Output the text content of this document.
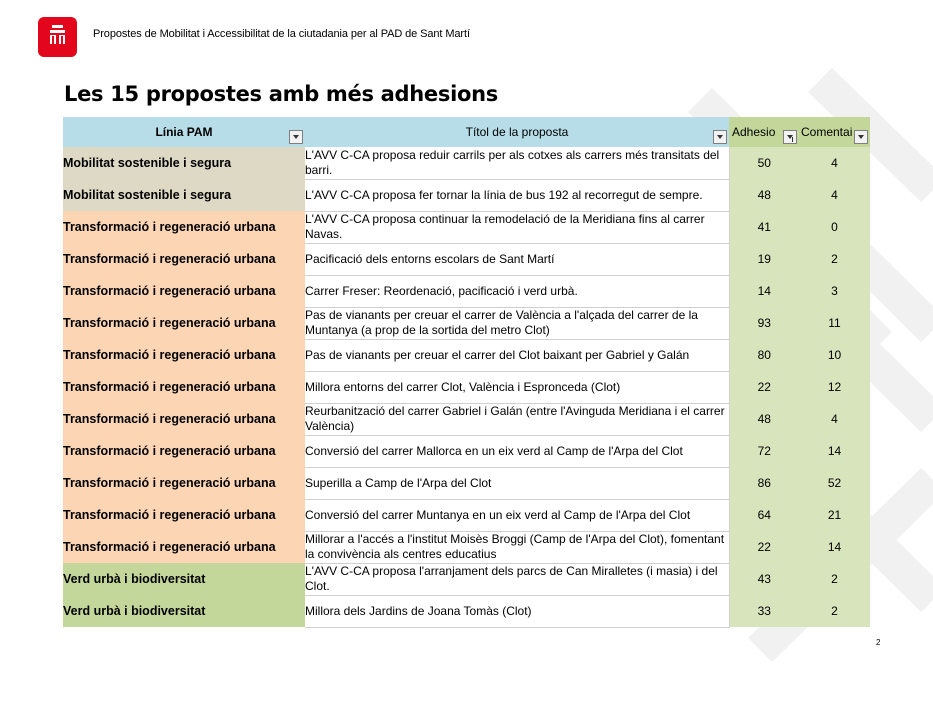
Propostes de Mobilitat i Accessibilitat de la ciutadania per al PAD de Sant Martí
Les 15 propostes amb més adhesions
Línia PAM	Títol de la proposta	Adhesio	Comentai

Mobilitat sostenible i segura	L'AVV C-CA proposa reduir carrils per als cotxes als carrers més transitats del barri.	50	4
Mobilitat sostenible i segura	L'AVV C-CA proposa fer tornar la línia de bus 192 al recorregut de sempre.	48	4
Transformació i regeneració urbana	L'AVV C-CA proposa continuar la remodelació de la Meridiana fins al carrer Navas.	41	0
Transformació i regeneració urbana	Pacificació dels entorns escolars de Sant Martí	19	2
Transformació i regeneració urbana	Carrer Freser: Reordenació, pacificació i verd urbà.	14	3
Transformació i regeneració urbana	Pas de vianants per creuar el carrer de València a l'alçada del carrer de la Muntanya (a prop de la sortida del metro Clot)	93	11
Transformació i regeneració urbana	Pas de vianants per creuar el carrer del Clot baixant per Gabriel y Galán	80	10
Transformació i regeneració urbana	Millora entorns del carrer Clot, València i Espronceda (Clot)	22	12
Transformació i regeneració urbana	Reurbanització del carrer Gabriel i Galán (entre l'Avinguda Meridiana i el carrer València)	48	4
Transformació i regeneració urbana	Conversió del carrer Mallorca en un eix verd al Camp de l'Arpa del Clot	72	14
Transformació i regeneració urbana	Superilla a Camp de l'Arpa del Clot	86	52
Transformació i regeneració urbana	Conversió del carrer Muntanya en un eix verd al Camp de l'Arpa del Clot	64	21
Transformació i regeneració urbana	Millorar a l'accés a l'institut Moisès Broggi (Camp de l'Arpa del Clot), fomentant la convivència als centres educatius	22	14
Verd urbà i biodiversitat	L'AVV C-CA proposa l'arranjament dels parcs de Can Miralletes (i masia) i del Clot.	43	2
Verd urbà i biodiversitat	Millora dels Jardins de Joana Tomàs (Clot)	33	2
2
